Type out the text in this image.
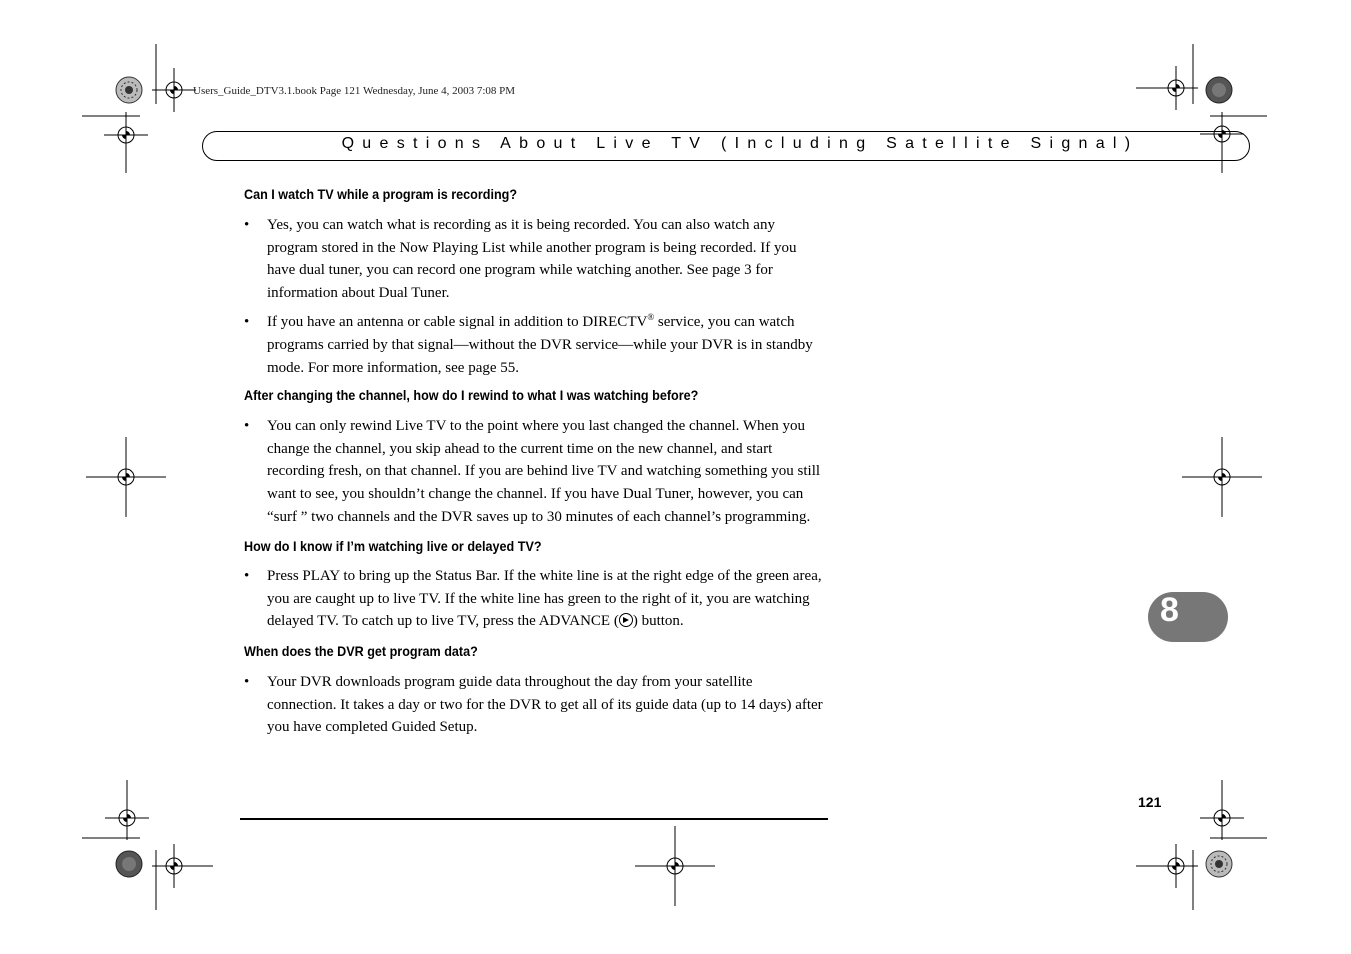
Users_Guide_DTV3.1.book Page 121 Wednesday, June 4, 2003 7:08 PM
Questions About Live TV (Including Satellite Signal)
Can I watch TV while a program is recording?
• Yes, you can watch what is recording as it is being recorded. You can also watch any program stored in the Now Playing List while another program is being recorded. If you have dual tuner, you can record one program while watching another. See page 3 for information about Dual Tuner.
• If you have an antenna or cable signal in addition to DIRECTV® service, you can watch programs carried by that signal—without the DVR service—while your DVR is in standby mode. For more information, see page 55.
After changing the channel, how do I rewind to what I was watching before?
• You can only rewind Live TV to the point where you last changed the channel. When you change the channel, you skip ahead to the current time on the new channel, and start recording fresh, on that channel. If you are behind live TV and watching something you still want to see, you shouldn’t change the channel. If you have Dual Tuner, however, you can “surf ” two channels and the DVR saves up to 30 minutes of each channel’s programming.
How do I know if I’m watching live or delayed TV?
• Press PLAY to bring up the Status Bar. If the white line is at the right edge of the green area, you are caught up to live TV. If the white line has green to the right of it, you are watching delayed TV. To catch up to live TV, press the ADVANCE ( ) button.
When does the DVR get program data?
• Your DVR downloads program guide data throughout the day from your satellite connection. It takes a day or two for the DVR to get all of its guide data (up to 14 days) after you have completed Guided Setup.
121
8
